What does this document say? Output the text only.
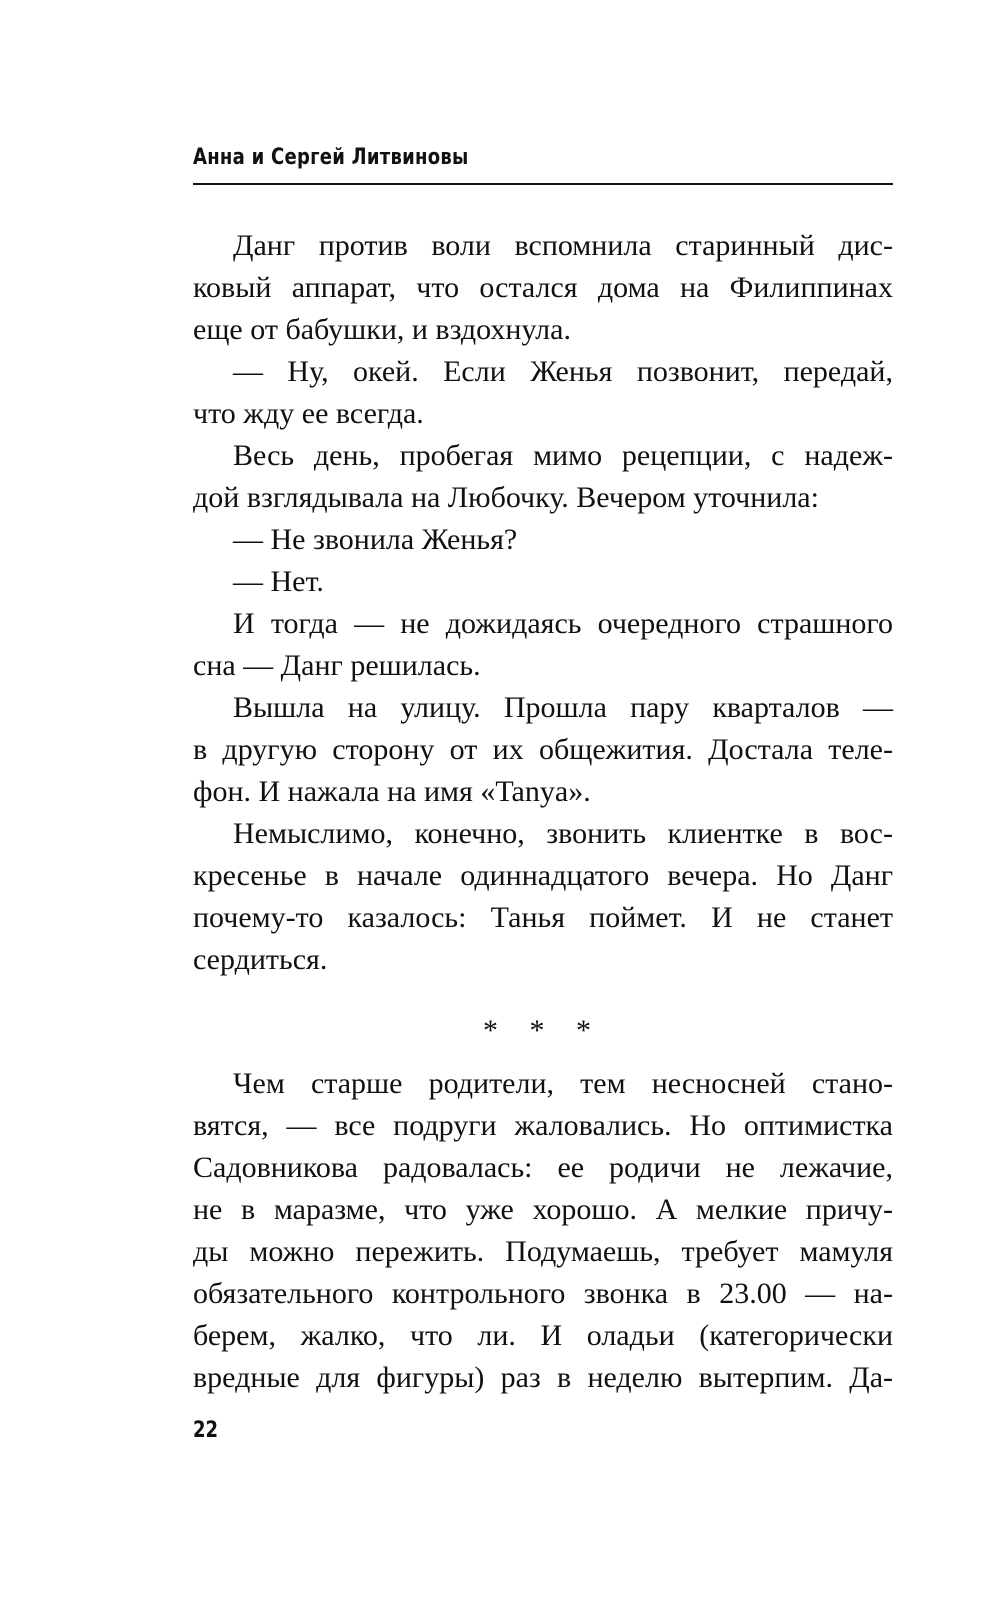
Анна и Сергей Литвиновы
Данг против воли вспомнила старинный дис-
ковый аппарат, что остался дома на Филиппинах
еще от бабушки, и вздохнула.
— Ну, окей. Если Женья позвонит, передай,
что жду ее всегда.
Весь день, пробегая мимо рецепции, с надеж-
дой взглядывала на Любочку. Вечером уточнила:
— Не звонила Женья?
— Нет.
И тогда — не дожидаясь очередного страшного
сна — Данг решилась.
Вышла на улицу. Прошла пару кварталов —
в другую сторону от их общежития. Достала теле-
фон. И нажала на имя «Tanya».
Немыслимо, конечно, звонить клиентке в вос-
кресенье в начале одиннадцатого вечера. Но Данг
почему-то казалось: Танья поймет. И не станет
сердиться.
* * *
Чем старше родители, тем несносней стано-
вятся, — все подруги жаловались. Но оптимистка
Садовникова радовалась: ее родичи не лежачие,
не в маразме, что уже хорошо. А мелкие причу-
ды можно пережить. Подумаешь, требует мамуля
обязательного контрольного звонка в 23.00 — на-
берем, жалко, что ли. И оладьи (категорически
вредные для фигуры) раз в неделю вытерпим. Да-
22
